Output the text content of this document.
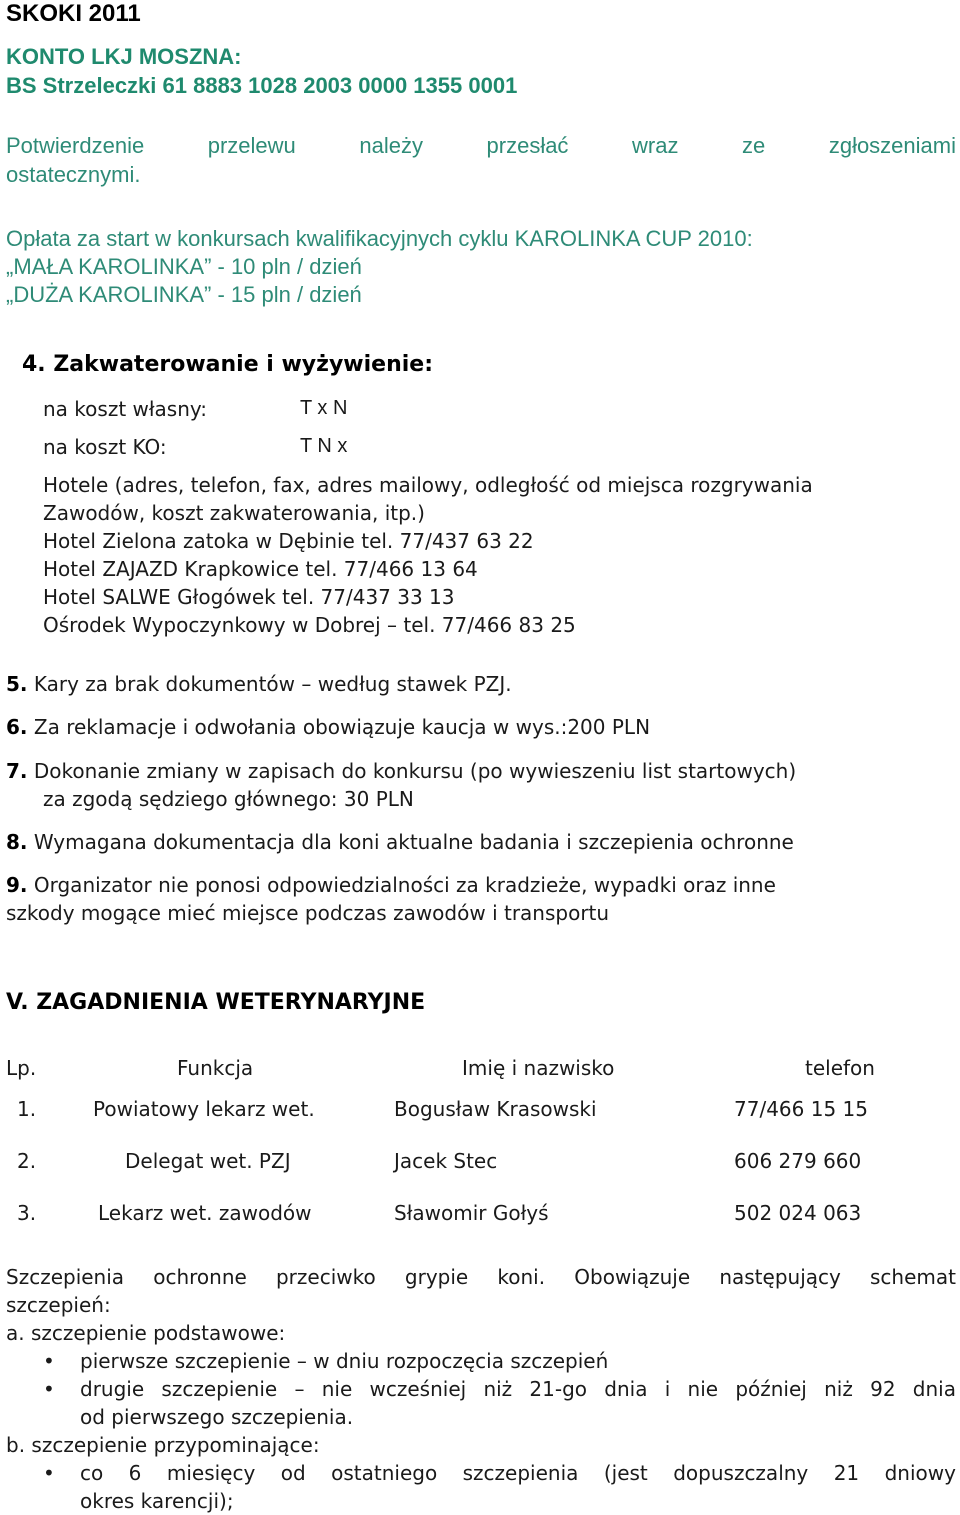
SKOKI 2011
KONTO LKJ MOSZNA:
BS Strzeleczki 61 8883 1028 2003 0000 1355 0001
Potwierdzenie	przelewu	należy	przesłać	wraz	ze	zgłoszeniami
ostatecznymi.
Opłata za start w konkursach kwalifikacyjnych cyklu KAROLINKA CUP 2010:
„MAŁA KAROLINKA” - 10 pln / dzień
„DUŻA KAROLINKA” - 15 pln / dzień
4. Zakwaterowanie i wyżywienie:
na koszt własny:	T x N
na koszt KO:	T N x
Hotele (adres, telefon, fax, adres mailowy, odległość od miejsca rozgrywania
Zawodów, koszt zakwaterowania, itp.)
Hotel Zielona zatoka w Dębinie tel. 77/437 63 22
Hotel ZAJAZD Krapkowice tel. 77/466 13 64
Hotel SALWE Głogówek tel. 77/437 33 13
Ośrodek Wypoczynkowy w Dobrej – tel. 77/466 83 25
5. Kary za brak dokumentów – według stawek PZJ.
6. Za reklamacje i odwołania obowiązuje kaucja w wys.:200 PLN
7. Dokonanie zmiany w zapisach do konkursu (po wywieszeniu list startowych)
za zgodą sędziego głównego: 30 PLN
8. Wymagana dokumentacja dla koni aktualne badania i szczepienia ochronne
9. Organizator nie ponosi odpowiedzialności za kradzieże, wypadki oraz inne
szkody mogące mieć miejsce podczas zawodów i transportu
V. ZAGADNIENIA WETERYNARYJNE
Lp.	Funkcja	Imię i nazwisko	telefon
1.	Powiatowy lekarz wet.	Bogusław Krasowski	77/466 15 15
2.	Delegat wet. PZJ	Jacek Stec	606 279 660
3.	Lekarz wet. zawodów	Sławomir Gołyś	502 024 063
Szczepienia ochronne przeciwko grypie koni. Obowiązuje następujący schemat
szczepień:
a. szczepienie podstawowe:
• pierwsze szczepienie – w dniu rozpoczęcia szczepień
• drugie szczepienie – nie wcześniej niż 21-go dnia i nie później niż 92 dnia
od pierwszego szczepienia.
b. szczepienie przypominające:
• co 6 miesięcy od ostatniego szczepienia (jest dopuszczalny 21 dniowy
okres karencji);
